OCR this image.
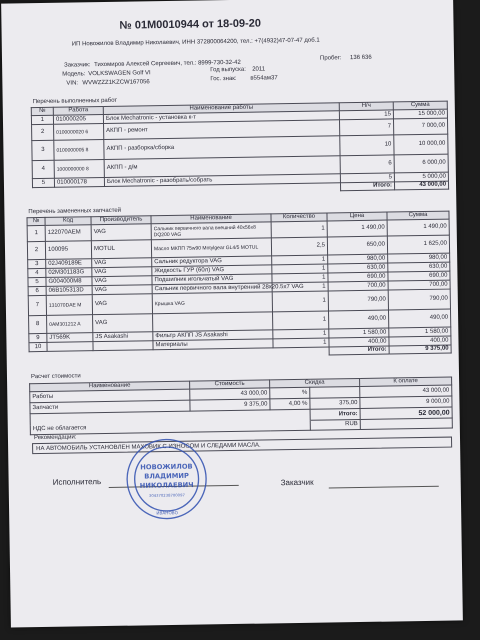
№ 01M0010944 от 18-09-20
ИП Новожилов Владимир Николаевич, ИНН 372800064200, тел.: +7(4932)47-07-47 доб.1
Заказчик: Тихомиров Алексей Сергеевич, тел.: 8999-730-32-42
Пробег: 136 636
Модель: VOLKSWAGEN Golf VI
Год выпуска: 2011
VIN: WVWZZZ1KZCW167056
Гос. знак: в554ам37
Перечень выполненных работ
№	Работа	Наименование работы	Н/ч	Сумма
1	010000205	Блок Mechatronic - установка к-т	15	15 000,00
2	0100000020 6	АКПП - ремонт	7	7 000,00
3	0100000005 8	АКПП - разборка/сборка	10	10 000,00
4	1000000000 8	АКПП - д/м	6	6 000,00
5	010000178	Блок Mechatronic - разобрать/собрать	5	5 000,00
			Итого:	43 000,00
Перечень замененных запчастей
№	Код	Производитель	Наименование	Количество	Цена	Сумма
1	122070AEM	VAG	Сальник первичного вала внешний 40x56x8 DQ200 VAG	1	1 490,00	1 490,00
2	100095	MOTUL	Масло МКПП 75w90 Motylgear GL4/5 MOTUL	2,5	650,00	1 625,00
3	02J409189E	VAG	Сальник редуктора VAG	1	980,00	980,00
4	02M301183G	VAG	Жидкость ГУР (60л) VAG	1	630,00	630,00
5	G004000M8	VAG	Подшипник игольчатый VAG	1	690,00	690,00
6	06B105313D	VAG	Сальник первичного вала внутренний 28x20.5x7 VAG	1	700,00	700,00
7	131070DAE M	VAG	Крышка VAG	1	790,00	790,00
8	0AM301212 A	VAG		1	490,00	490,00
9	JT569K	JS Asakashi	Фильтр АКПП JS Asakashi	1	1 580,00	1 580,00
10			Материалы	1	400,00	400,00
					Итого:	9 375,00
Расчет стоимости
Наименование	Стоимость	Скидка		К оплате
Работы	43 000,00	%		43 000,00
Запчасти	9 375,00	4,00 %	375,00	9 000,00
			Итого:	52 000,00
НДС не облагается			RUB	
Рекомендации:
НА АВТОМОБИЛЬ УСТАНОВЛЕН МАХОВИК С ИЗНОСОМ И СЛЕДАМИ МАСЛА.
Исполнитель	Заказчик
НОВОЖИЛОВ
ВЛАДИМИР
НИКОЛАЕВИЧ
304370238700097
ИВАНОВО
